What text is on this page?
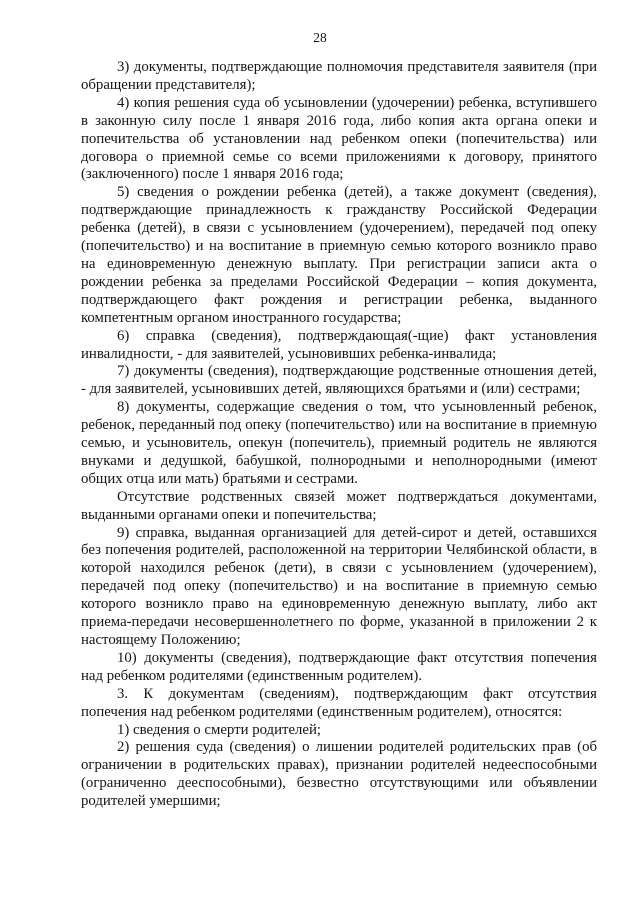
28

3) документы, подтверждающие полномочия представителя заявителя (при обращении представителя);

4) копия решения суда об усыновлении (удочерении) ребенка, вступившего в законную силу после 1 января 2016 года, либо копия акта органа опеки и попечительства об установлении над ребенком опеки (попечительства) или договора о приемной семье со всеми приложениями к договору, принятого (заключенного) после 1 января 2016 года;

5) сведения о рождении ребенка (детей), а также документ (сведения), подтверждающие принадлежность к гражданству Российской Федерации ребенка (детей), в связи с усыновлением (удочерением), передачей под опеку (попечительство) и на воспитание в приемную семью которого возникло право на единовременную денежную выплату. При регистрации записи акта о рождении ребенка за пределами Российской Федерации – копия документа, подтверждающего факт рождения и регистрации ребенка, выданного компетентным органом иностранного государства;

6) справка (сведения), подтверждающая(-щие) факт установления инвалидности, - для заявителей, усыновивших ребенка-инвалида;

7) документы (сведения), подтверждающие родственные отношения детей, - для заявителей, усыновивших детей, являющихся братьями и (или) сестрами;

8) документы, содержащие сведения о том, что усыновленный ребенок, ребенок, переданный под опеку (попечительство) или на воспитание в приемную семью, и усыновитель, опекун (попечитель), приемный родитель не являются внуками и дедушкой, бабушкой, полнородными и неполнородными (имеют общих отца или мать) братьями и сестрами.

Отсутствие родственных связей может подтверждаться документами, выданными органами опеки и попечительства;

9) справка, выданная организацией для детей-сирот и детей, оставшихся без попечения родителей, расположенной на территории Челябинской области, в которой находился ребенок (дети), в связи с усыновлением (удочерением), передачей под опеку (попечительство) и на воспитание в приемную семью которого возникло право на единовременную денежную выплату, либо акт приема-передачи несовершеннолетнего по форме, указанной в приложении 2 к настоящему Положению;

10) документы (сведения), подтверждающие факт отсутствия попечения над ребенком родителями (единственным родителем).

3. К документам (сведениям), подтверждающим факт отсутствия попечения над ребенком родителями (единственным родителем), относятся:

1) сведения о смерти родителей;

2) решения суда (сведения) о лишении родителей родительских прав (об ограничении в родительских правах), признании родителей недееспособными (ограниченно дееспособными), безвестно отсутствующими или объявлении родителей умершими;
